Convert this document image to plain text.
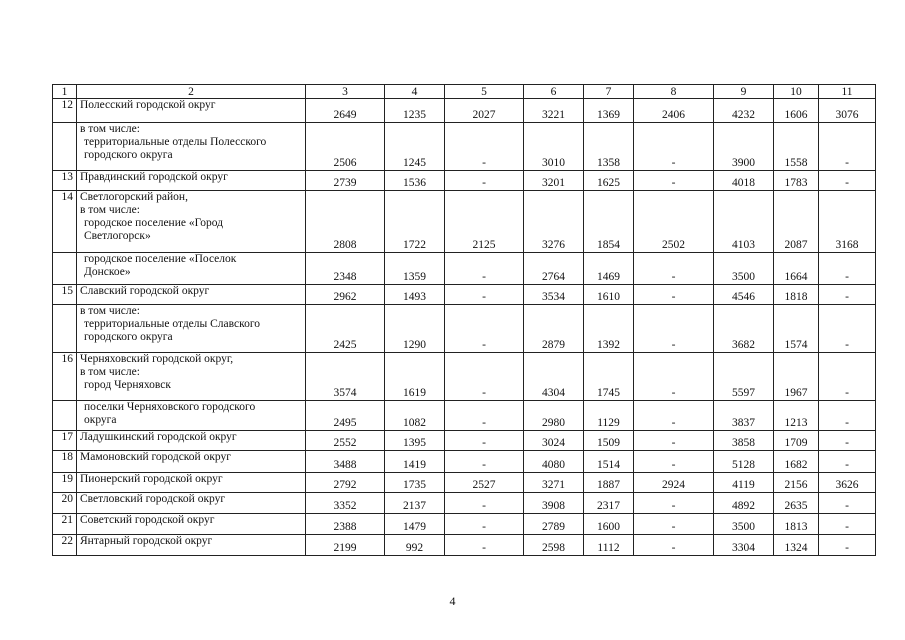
1	2	3	4	5	6	7	8	9	10	11
12	Полесский городской округ	2649	1235	2027	3221	1369	2406	4232	1606	3076

	в том числе:
территориальные отделы Полесского
городского округа	2506	1245	-	3010	1358	-	3900	1558	-
13	Правдинский городской округ	2739	1536	-	3201	1625	-	4018	1783	-
14	Светлогорский район,
в том числе:
городское поселение «Город
Светлогорск»	2808	1722	2125	3276	1854	2502	4103	2087	3168

	городское поселение «Поселок
Донское»	2348	1359	-	2764	1469	-	3500	1664	-
15	Славский городской округ	2962	1493	-	3534	1610	-	4546	1818	-

	в том числе:
территориальные отделы Славского
городского округа	2425	1290	-	2879	1392	-	3682	1574	-
16	Черняховский городской округ,
в том числе:
город Черняховск	3574	1619	-	4304	1745	-	5597	1967	-

	поселки Черняховского городского
округа	2495	1082	-	2980	1129	-	3837	1213	-
17	Ладушкинский городской округ	2552	1395	-	3024	1509	-	3858	1709	-
18	Мамоновский городской округ	3488	1419	-	4080	1514	-	5128	1682	-
19	Пионерский городской округ	2792	1735	2527	3271	1887	2924	4119	2156	3626
20	Светловский городской округ	3352	2137	-	3908	2317	-	4892	2635	-
21	Советский городской округ	2388	1479	-	2789	1600	-	3500	1813	-
22	Янтарный городской округ	2199	992	-	2598	1112	-	3304	1324	-
4
